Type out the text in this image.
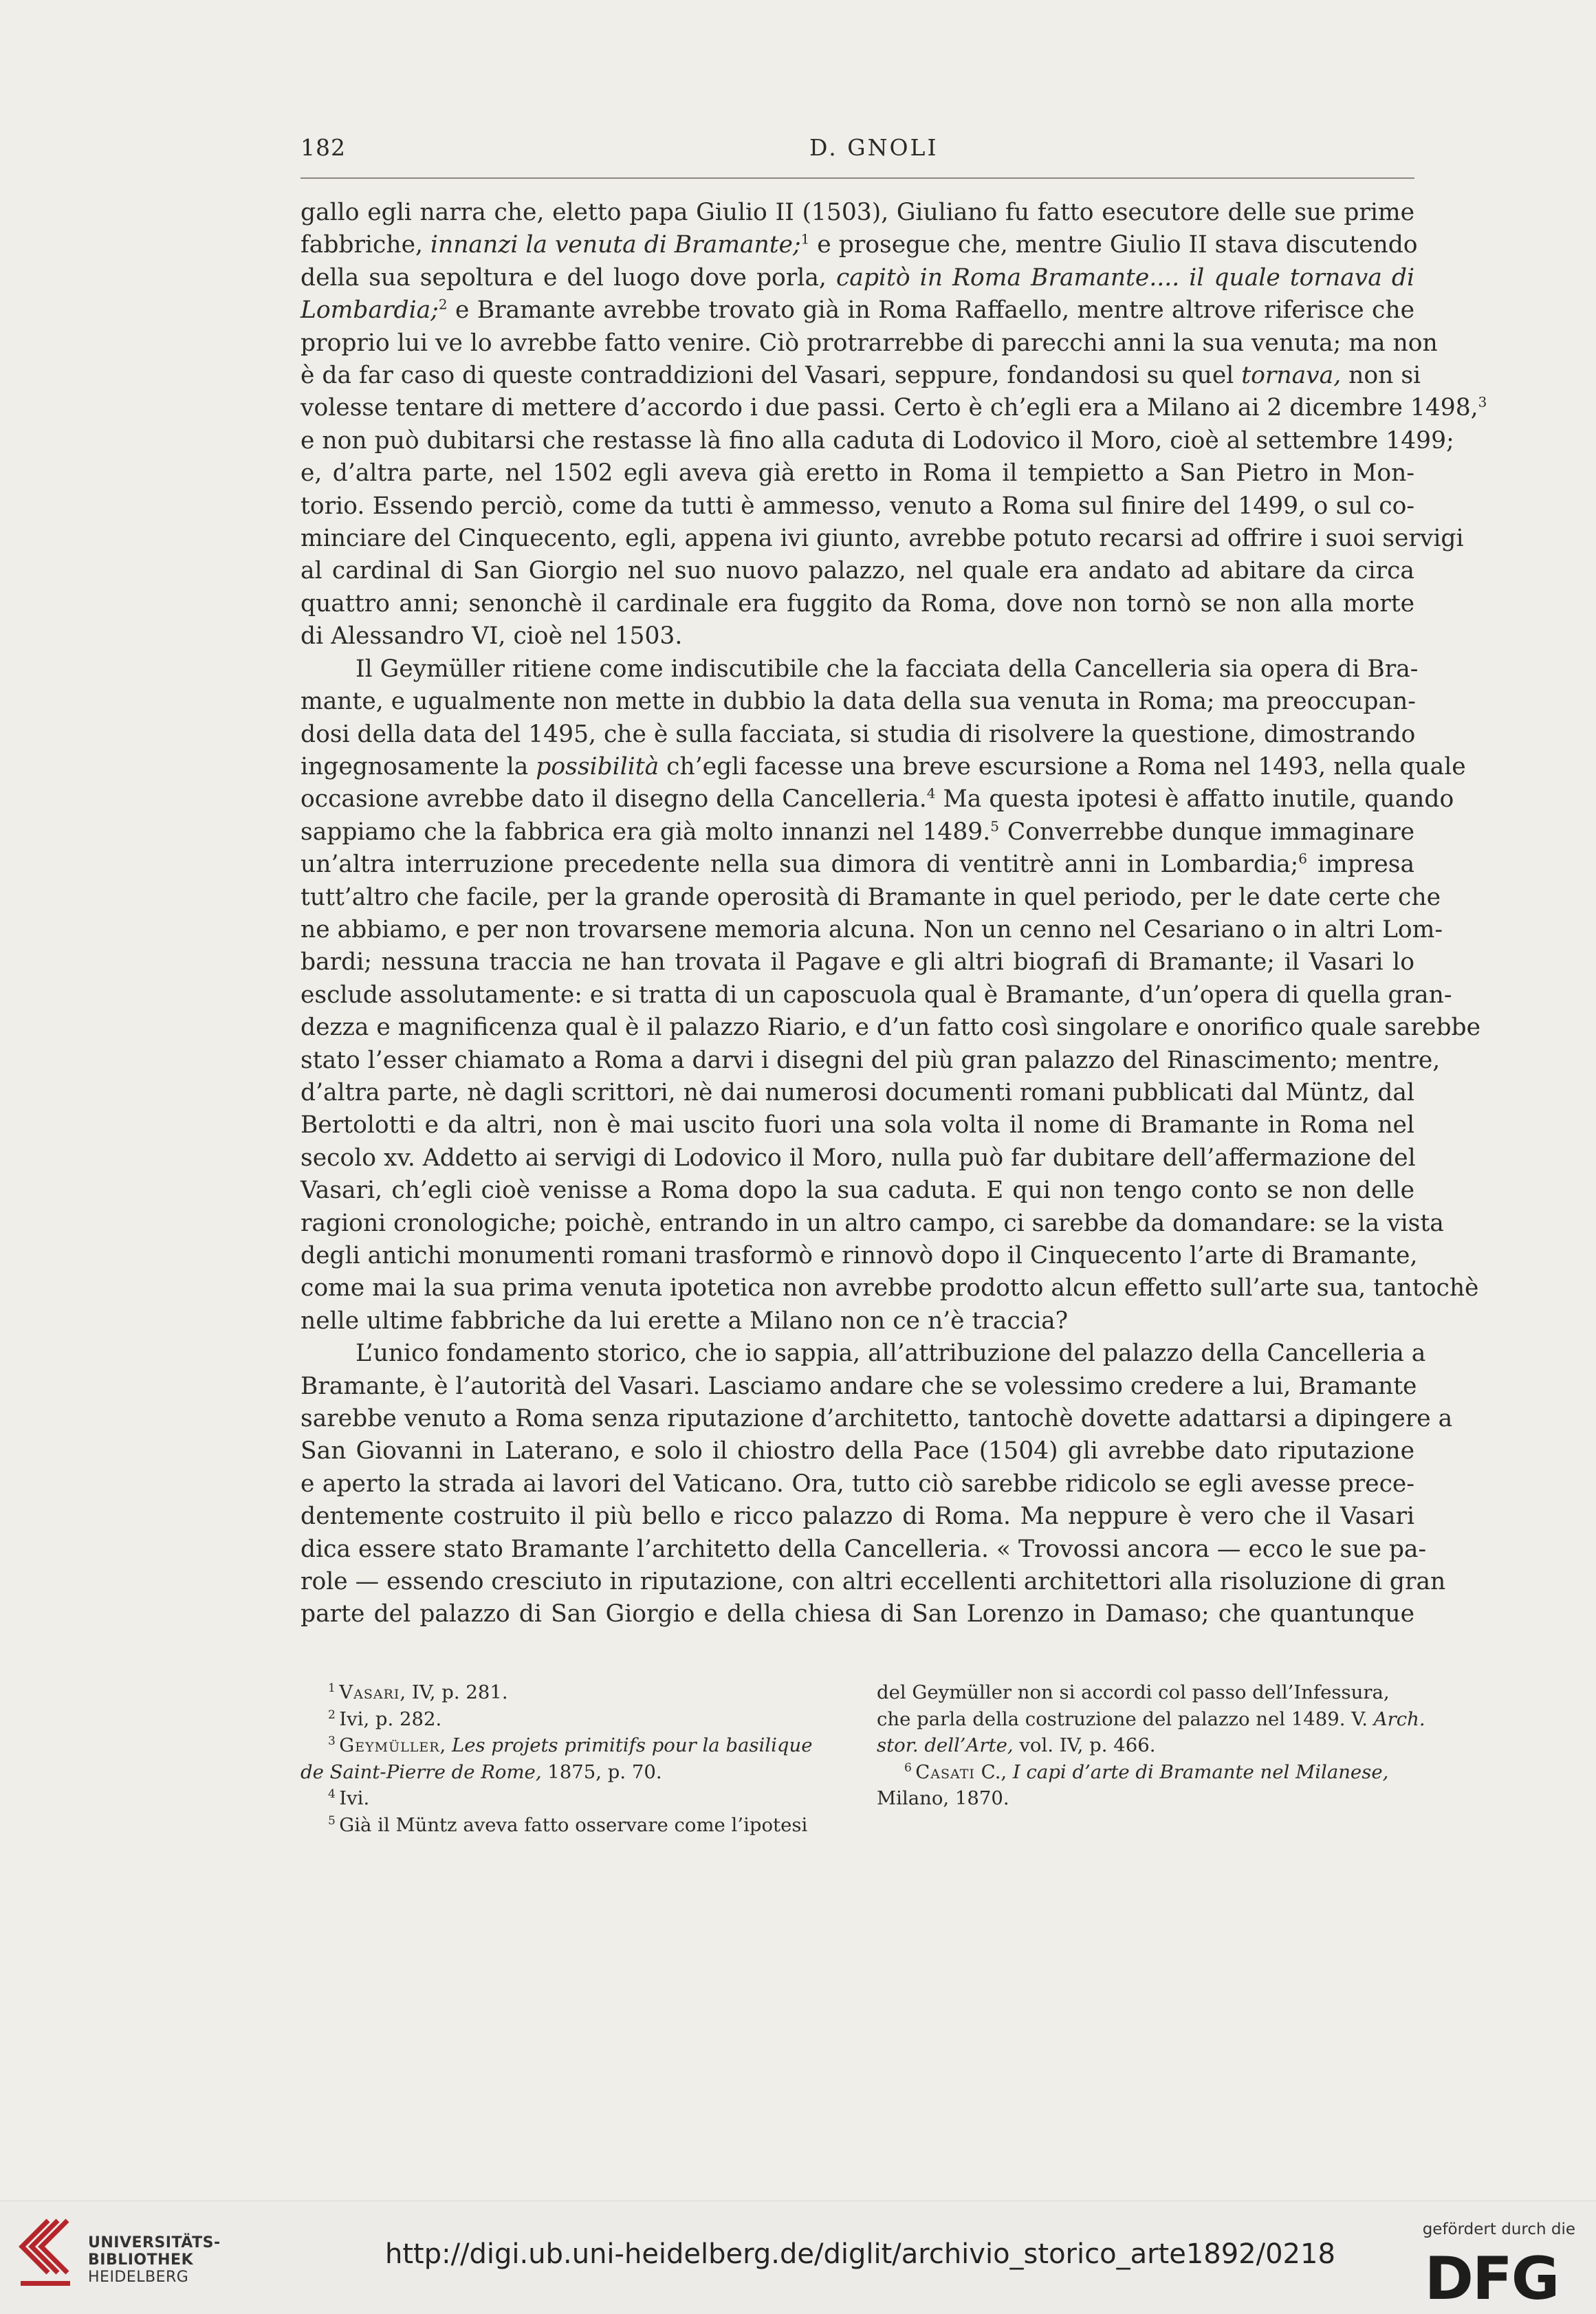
182	D. GNOLI
gallo egli narra che, eletto papa Giulio II (1503), Giuliano fu fatto esecutore delle sue prime
fabbriche, innanzi la venuta di Bramante;$^1$ e prosegue che, mentre Giulio II stava discutendo
della sua sepoltura e del luogo dove porla, capitò in Roma Bramante.... il quale tornava di
Lombardia;$^2$ e Bramante avrebbe trovato già in Roma Raffaello, mentre altrove riferisce che
proprio lui ve lo avrebbe fatto venire. Ciò protrarrebbe di parecchi anni la sua venuta; ma non
è da far caso di queste contraddizioni del Vasari, seppure, fondandosi su quel tornava, non si
volesse tentare di mettere d’accordo i due passi. Certo è ch’egli era a Milano ai 2 dicembre 1498,$^3$
e non può dubitarsi che restasse là fino alla caduta di Lodovico il Moro, cioè al settembre 1499;
e, d’altra parte, nel 1502 egli aveva già eretto in Roma il tempietto a San Pietro in Mon-
torio. Essendo perciò, come da tutti è ammesso, venuto a Roma sul finire del 1499, o sul co-
minciare del Cinquecento, egli, appena ivi giunto, avrebbe potuto recarsi ad offrire i suoi servigi
al cardinal di San Giorgio nel suo nuovo palazzo, nel quale era andato ad abitare da circa
quattro anni; senonchè il cardinale era fuggito da Roma, dove non tornò se non alla morte
di Alessandro VI, cioè nel 1503.
Il Geymüller ritiene come indiscutibile che la facciata della Cancelleria sia opera di Bra-
mante, e ugualmente non mette in dubbio la data della sua venuta in Roma; ma preoccupan-
dosi della data del 1495, che è sulla facciata, si studia di risolvere la questione, dimostrando
ingegnosamente la possibilità ch’egli facesse una breve escursione a Roma nel 1493, nella quale
occasione avrebbe dato il disegno della Cancelleria.$^4$ Ma questa ipotesi è affatto inutile, quando
sappiamo che la fabbrica era già molto innanzi nel 1489.$^5$ Converrebbe dunque immaginare
un’altra interruzione precedente nella sua dimora di ventitrè anni in Lombardia;$^6$ impresa
tutt’altro che facile, per la grande operosità di Bramante in quel periodo, per le date certe che
ne abbiamo, e per non trovarsene memoria alcuna. Non un cenno nel Cesariano o in altri Lom-
bardi; nessuna traccia ne han trovata il Pagave e gli altri biografi di Bramante; il Vasari lo
esclude assolutamente: e si tratta di un caposcuola qual è Bramante, d’un’opera di quella gran-
dezza e magnificenza qual è il palazzo Riario, e d’un fatto così singolare e onorifico quale sarebbe
stato l’esser chiamato a Roma a darvi i disegni del più gran palazzo del Rinascimento; mentre,
d’altra parte, nè dagli scrittori, nè dai numerosi documenti romani pubblicati dal Müntz, dal
Bertolotti e da altri, non è mai uscito fuori una sola volta il nome di Bramante in Roma nel
secolo xv. Addetto ai servigi di Lodovico il Moro, nulla può far dubitare dell’affermazione del
Vasari, ch’egli cioè venisse a Roma dopo la sua caduta. E qui non tengo conto se non delle
ragioni cronologiche; poichè, entrando in un altro campo, ci sarebbe da domandare: se la vista
degli antichi monumenti romani trasformò e rinnovò dopo il Cinquecento l’arte di Bramante,
come mai la sua prima venuta ipotetica non avrebbe prodotto alcun effetto sull’arte sua, tantochè
nelle ultime fabbriche da lui erette a Milano non ce n’è traccia?
L’unico fondamento storico, che io sappia, all’attribuzione del palazzo della Cancelleria a
Bramante, è l’autorità del Vasari. Lasciamo andare che se volessimo credere a lui, Bramante
sarebbe venuto a Roma senza riputazione d’architetto, tantochè dovette adattarsi a dipingere a
San Giovanni in Laterano, e solo il chiostro della Pace (1504) gli avrebbe dato riputazione
e aperto la strada ai lavori del Vaticano. Ora, tutto ciò sarebbe ridicolo se egli avesse prece-
dentemente costruito il più bello e ricco palazzo di Roma. Ma neppure è vero che il Vasari
dica essere stato Bramante l’architetto della Cancelleria. « Trovossi ancora — ecco le sue pa-
role — essendo cresciuto in riputazione, con altri eccellenti architettori alla risoluzione di gran
parte del palazzo di San Giorgio e della chiesa di San Lorenzo in Damaso; che quantunque
$^1$ Vasari, IV, p. 281.
$^2$ Ivi, p. 282.
$^3$ Geymüller, Les projets primitifs pour la basilique
de Saint-Pierre de Rome, 1875, p. 70.
$^4$ Ivi.
$^5$ Già il Müntz aveva fatto osservare come l’ipotesi
del Geymüller non si accordi col passo dell’Infessura,
che parla della costruzione del palazzo nel 1489. V. Arch.
stor. dell’Arte, vol. IV, p. 466.
$^6$ Casati C., I capi d’arte di Bramante nel Milanese,
Milano, 1870.
UNIVERSITÄTS-
BIBLIOTHEK
HEIDELBERG
http://digi.ub.uni-heidelberg.de/diglit/archivio_storico_arte1892/0218
gefördert durch die
DFG
